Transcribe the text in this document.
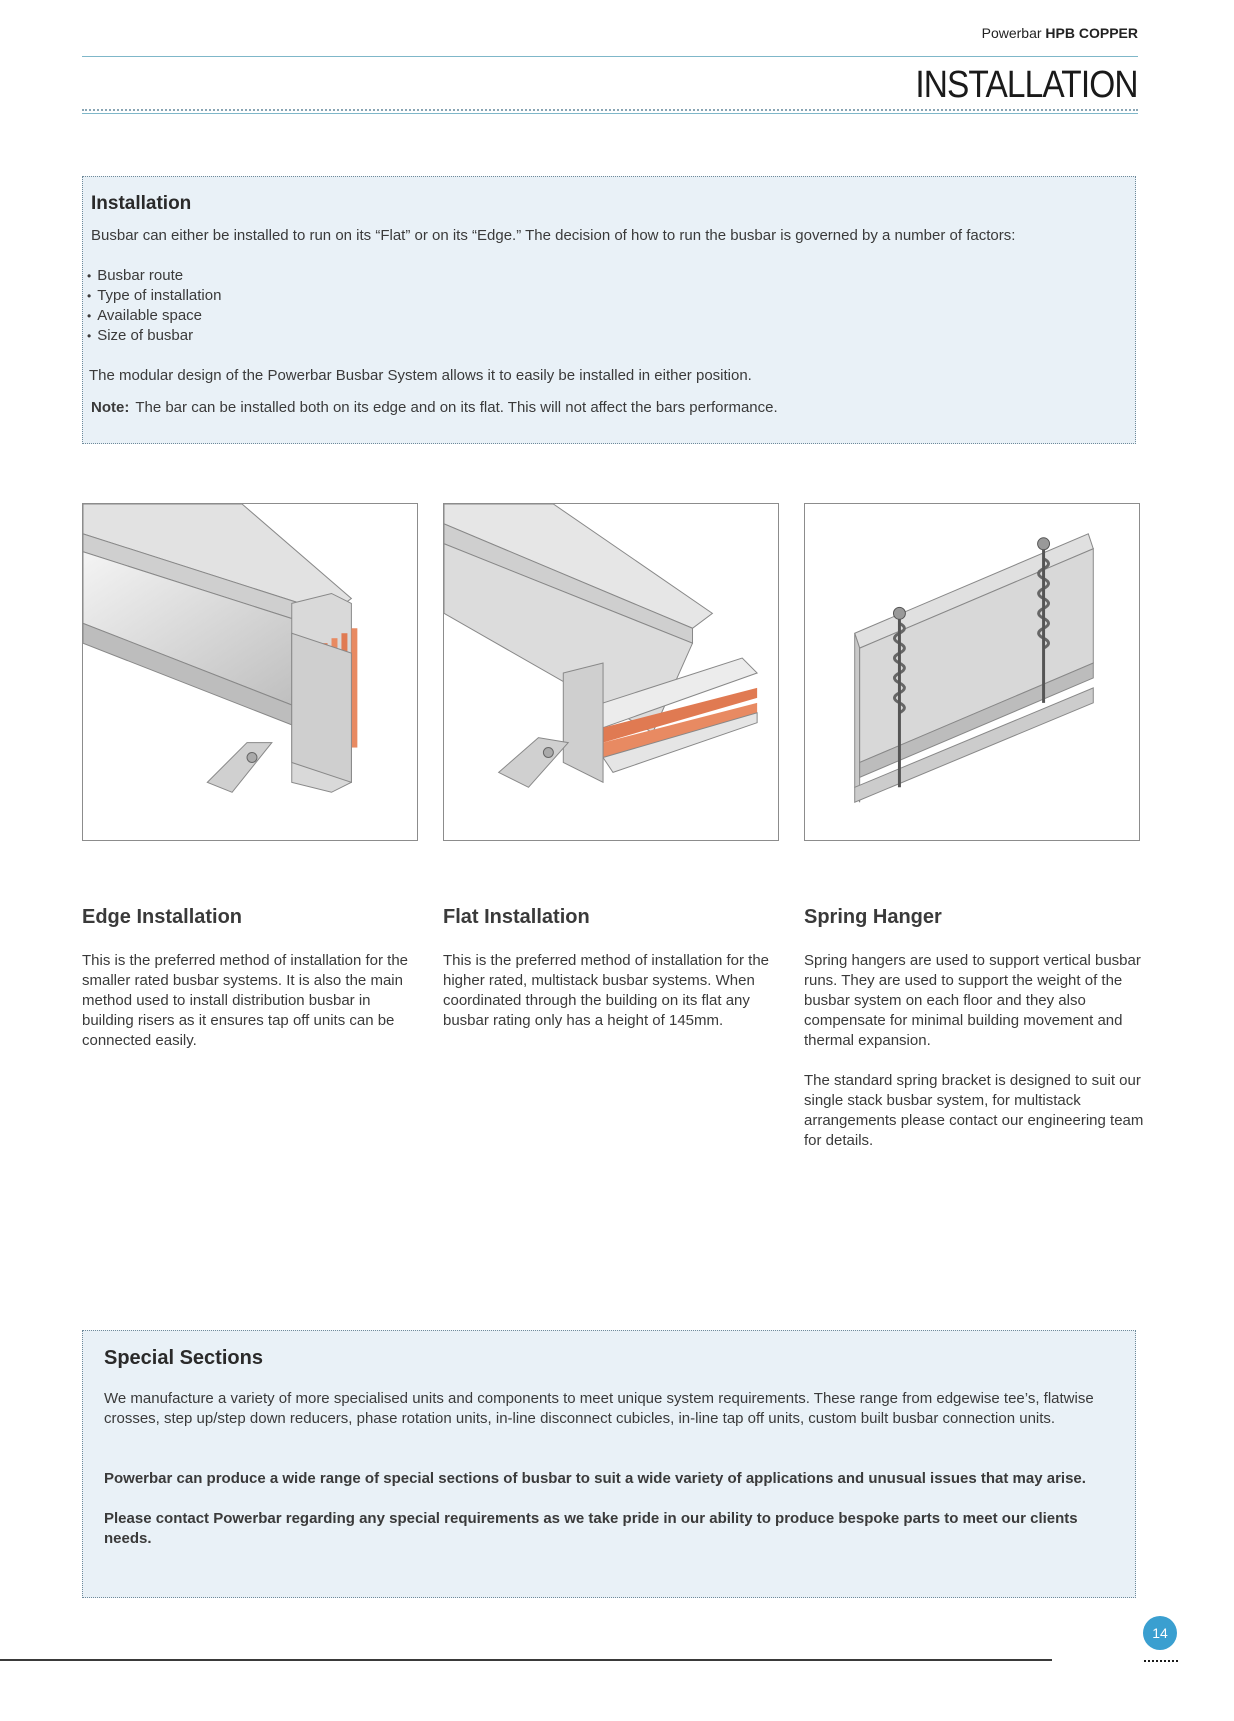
Powerbar HPB COPPER
INSTALLATION
Installation

Busbar can either be installed to run on its “Flat” or on its “Edge.” The decision of how to run the busbar is governed by a number of factors:

• Busbar route
• Type of installation
• Available space
• Size of busbar

The modular design of the Powerbar Busbar System allows it to easily be installed in either position.

Note: The bar can be installed both on its edge and on its flat. This will not affect the bars performance.

Edge Installation

This is the preferred method of installation for the smaller rated busbar systems. It is also the main method used to install distribution busbar in building risers as it ensures tap off units can be connected easily.

Flat Installation

This is the preferred method of installation for the higher rated, multistack busbar systems. When coordinated through the building on its flat any busbar rating only has a height of 145mm.

Spring Hanger

Spring hangers are used to support vertical busbar runs. They are used to support the weight of the busbar system on each floor and they also compensate for minimal building movement and thermal expansion.

The standard spring bracket is designed to suit our single stack busbar system, for multistack arrangements please contact our engineering team for details.

Special Sections

We manufacture a variety of more specialised units and components to meet unique system requirements. These range from edgewise tee’s, flatwise crosses, step up/step down reducers, phase rotation units, in-line disconnect cubicles, in-line tap off units, custom built busbar connection units.

Powerbar can produce a wide range of special sections of busbar to suit a wide variety of applications and unusual issues that may arise.

Please contact Powerbar regarding any special requirements as we take pride in our ability to produce bespoke parts to meet our clients needs.

14
